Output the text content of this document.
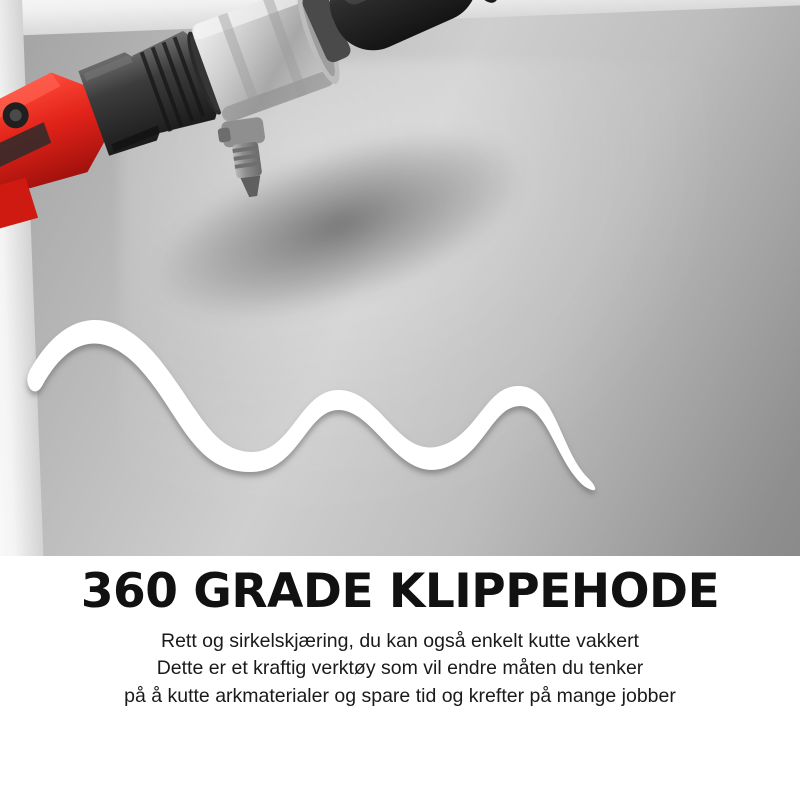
360 GRADE KLIPPEHODE
Rett og sirkelskjæring, du kan også enkelt kutte vakkert
Dette er et kraftig verktøy som vil endre måten du tenker
på å kutte arkmaterialer og spare tid og krefter på mange jobber
